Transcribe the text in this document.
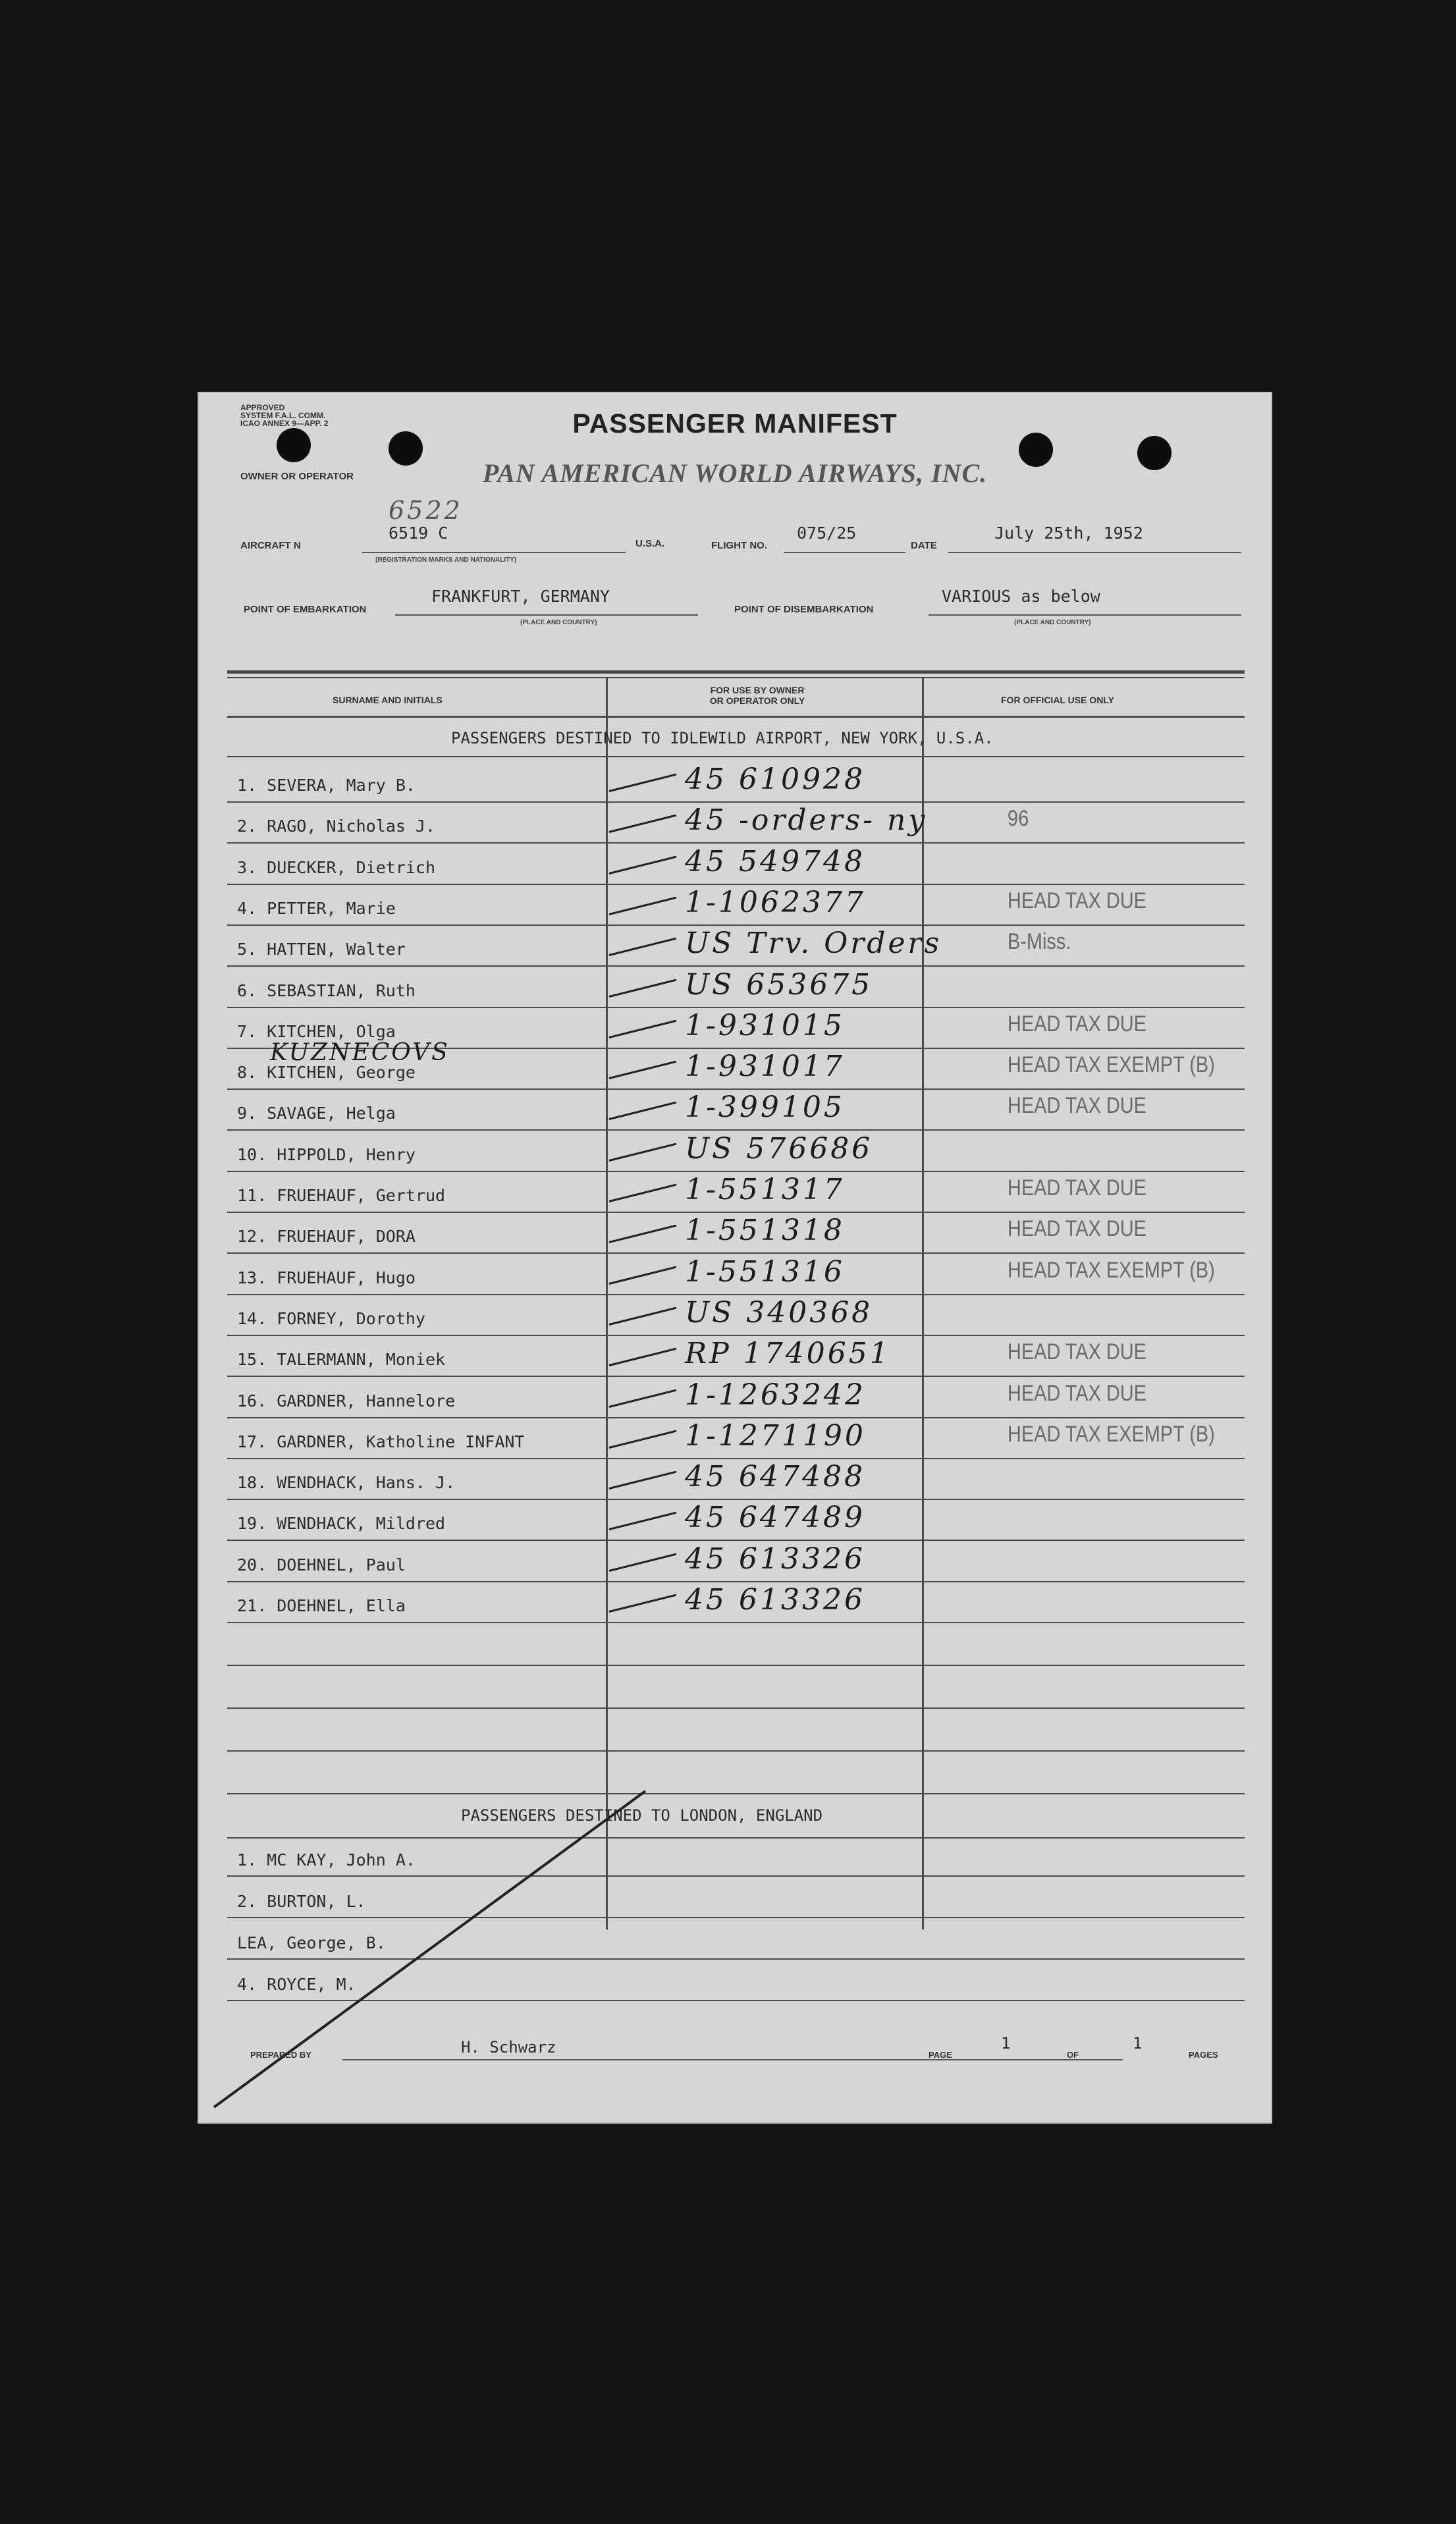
APPROVED
SYSTEM F.A.L. COMM.
ICAO ANNEX 9—APP. 2	PASSENGER MANIFEST
OWNER OR OPERATOR	PAN AMERICAN WORLD AIRWAYS, INC.
AIRCRAFT N
6522
6519 C
(REGISTRATION MARKS AND NATIONALITY)
U.S.A.	FLIGHT NO.
075/25
DATE
July 25th, 1952
POINT OF EMBARKATION
FRANKFURT, GERMANY
(PLACE AND COUNTRY)
POINT OF DISEMBARKATION
VARIOUS as below
(PLACE AND COUNTRY)
SURNAME AND INITIALS
FOR USE BY OWNER
OR OPERATOR ONLY	FOR OFFICIAL USE ONLY
PASSENGERS DESTINED TO IDLEWILD AIRPORT, NEW YORK, U.S.A.
1. SEVERA, Mary B.	45 610928
2. RAGO, Nicholas J.	45 -orders- ny	96
3. DUECKER, Dietrich	45 549748
4. PETTER, Marie	1-1062377	HEAD TAX DUE
5. HATTEN, Walter	US Trv. Orders	B-Miss.
6. SEBASTIAN, Ruth	US 653675
7. KITCHEN, Olga	1-931015	HEAD TAX DUE
8. KITCHEN, George	1-931017	HEAD TAX EXEMPT (B)
9. SAVAGE, Helga	1-399105	HEAD TAX DUE
10. HIPPOLD, Henry	US 576686
11. FRUEHAUF, Gertrud	1-551317	HEAD TAX DUE
12. FRUEHAUF, DORA	1-551318	HEAD TAX DUE
13. FRUEHAUF, Hugo	1-551316	HEAD TAX EXEMPT (B)
14. FORNEY, Dorothy	US 340368
15. TALERMANN, Moniek	RP 1740651	HEAD TAX DUE
16. GARDNER, Hannelore	1-1263242	HEAD TAX DUE
17. GARDNER, Katholine INFANT	1-1271190	HEAD TAX EXEMPT (B)
18. WENDHACK, Hans. J.	45 647488
19. WENDHACK, Mildred	45 647489
20. DOEHNEL, Paul	45 613326
21. DOEHNEL, Ella	45 613326
KUZNECOVS
PASSENGERS DESTINED TO LONDON, ENGLAND
1. MC KAY, John A.
2. BURTON, L.
LEA, George, B.
4. ROYCE, M.
PREPARED BY	H. Schwarz	PAGE
1
OF
1
PAGES
